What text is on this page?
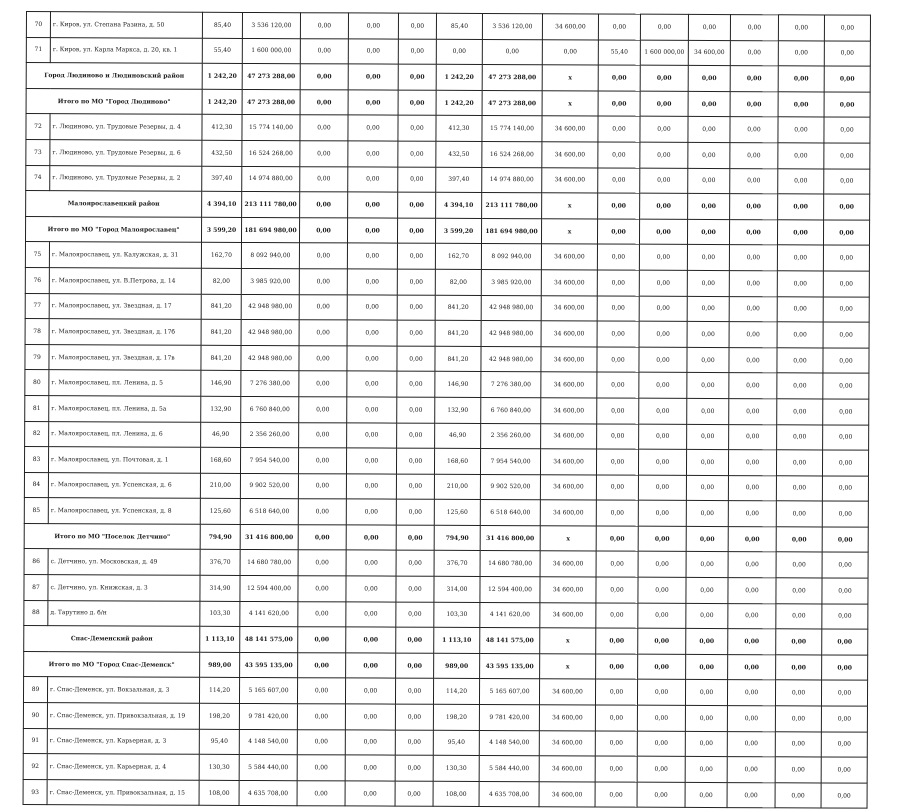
70	г. Киров, ул. Степана Разина, д. 50	85,40	3 536 120,00	0,00	0,00	0,00	85,40	3 536 120,00	34 600,00	0,00	0,00	0,00	0,00	0,00	0,00
71	г. Киров, ул. Карла Маркса, д. 20, кв. 1	55,40	1 600 000,00	0,00	0,00	0,00	0,00	0,00	0,00	55,40	1 600 000,00	34 600,00	0,00	0,00	0,00
Город Людиново и Людиновский район		1 242,20	47 273 288,00	0,00	0,00	0,00	1 242,20	47 273 288,00	x	0,00	0,00	0,00	0,00	0,00	0,00
Итого по МО "Город Людиново"		1 242,20	47 273 288,00	0,00	0,00	0,00	1 242,20	47 273 288,00	x	0,00	0,00	0,00	0,00	0,00	0,00
72	г. Людиново, ул. Трудовые Резервы, д. 4	412,30	15 774 140,00	0,00	0,00	0,00	412,30	15 774 140,00	34 600,00	0,00	0,00	0,00	0,00	0,00	0,00
73	г. Людиново, ул. Трудовые Резервы, д. 6	432,50	16 524 268,00	0,00	0,00	0,00	432,50	16 524 268,00	34 600,00	0,00	0,00	0,00	0,00	0,00	0,00
74	г. Людиново, ул. Трудовые Резервы, д. 2	397,40	14 974 880,00	0,00	0,00	0,00	397,40	14 974 880,00	34 600,00	0,00	0,00	0,00	0,00	0,00	0,00
Малоярославецкий район		4 394,10	213 111 780,00	0,00	0,00	0,00	4 394,10	213 111 780,00	x	0,00	0,00	0,00	0,00	0,00	0,00
Итого по МО "Город Малоярославец"		3 599,20	181 694 980,00	0,00	0,00	0,00	3 599,20	181 694 980,00	x	0,00	0,00	0,00	0,00	0,00	0,00
75	г. Малоярославец, ул. Калужская, д. 31	162,70	8 092 940,00	0,00	0,00	0,00	162,70	8 092 940,00	34 600,00	0,00	0,00	0,00	0,00	0,00	0,00
76	г. Малоярославец, ул. В.Петрова, д. 14	82,00	3 985 920,00	0,00	0,00	0,00	82,00	3 985 920,00	34 600,00	0,00	0,00	0,00	0,00	0,00	0,00
77	г. Малоярославец, ул. Звездная, д. 17	841,20	42 948 980,00	0,00	0,00	0,00	841,20	42 948 980,00	34 600,00	0,00	0,00	0,00	0,00	0,00	0,00
78	г. Малоярославец, ул. Звездная, д. 17б	841,20	42 948 980,00	0,00	0,00	0,00	841,20	42 948 980,00	34 600,00	0,00	0,00	0,00	0,00	0,00	0,00
79	г. Малоярославец, ул. Звездная, д. 17в	841,20	42 948 980,00	0,00	0,00	0,00	841,20	42 948 980,00	34 600,00	0,00	0,00	0,00	0,00	0,00	0,00
80	г. Малоярославец, пл. Ленина, д. 5	146,90	7 276 380,00	0,00	0,00	0,00	146,90	7 276 380,00	34 600,00	0,00	0,00	0,00	0,00	0,00	0,00
81	г. Малоярославец, пл. Ленина, д. 5а	132,90	6 760 840,00	0,00	0,00	0,00	132,90	6 760 840,00	34 600,00	0,00	0,00	0,00	0,00	0,00	0,00
82	г. Малоярославец, пл. Ленина, д. 6	46,90	2 356 260,00	0,00	0,00	0,00	46,90	2 356 260,00	34 600,00	0,00	0,00	0,00	0,00	0,00	0,00
83	г. Малоярославец, ул. Почтовая, д. 1	168,60	7 954 540,00	0,00	0,00	0,00	168,60	7 954 540,00	34 600,00	0,00	0,00	0,00	0,00	0,00	0,00
84	г. Малоярославец, ул. Успенская, д. 6	210,00	9 902 520,00	0,00	0,00	0,00	210,00	9 902 520,00	34 600,00	0,00	0,00	0,00	0,00	0,00	0,00
85	г. Малоярославец, ул. Успенская, д. 8	125,60	6 518 640,00	0,00	0,00	0,00	125,60	6 518 640,00	34 600,00	0,00	0,00	0,00	0,00	0,00	0,00
Итого по МО "Поселок Детчино"		794,90	31 416 800,00	0,00	0,00	0,00	794,90	31 416 800,00	x	0,00	0,00	0,00	0,00	0,00	0,00
86	с. Детчино, ул. Московская, д. 49	376,70	14 680 780,00	0,00	0,00	0,00	376,70	14 680 780,00	34 600,00	0,00	0,00	0,00	0,00	0,00	0,00
87	с. Детчино, ул. Книжская, д. 3	314,90	12 594 400,00	0,00	0,00	0,00	314,00	12 594 400,00	34 600,00	0,00	0,00	0,00	0,00	0,00	0,00
88	д. Тарутино д. б/н	103,30	4 141 620,00	0,00	0,00	0,00	103,30	4 141 620,00	34 600,00	0,00	0,00	0,00	0,00	0,00	0,00
Спас-Деменский район		1 113,10	48 141 575,00	0,00	0,00	0,00	1 113,10	48 141 575,00	x	0,00	0,00	0,00	0,00	0,00	0,00
Итого по МО "Город Спас-Деменск"		989,00	43 595 135,00	0,00	0,00	0,00	989,00	43 595 135,00	x	0,00	0,00	0,00	0,00	0,00	0,00
89	г. Спас-Деменск, ул. Вокзальная, д. 3	114,20	5 165 607,00	0,00	0,00	0,00	114,20	5 165 607,00	34 600,00	0,00	0,00	0,00	0,00	0,00	0,00
90	г. Спас-Деменск, ул. Привокзальная, д. 19	198,20	9 781 420,00	0,00	0,00	0,00	198,20	9 781 420,00	34 600,00	0,00	0,00	0,00	0,00	0,00	0,00
91	г. Спас-Деменск, ул. Карьерная, д. 3	95,40	4 148 540,00	0,00	0,00	0,00	95,40	4 148 540,00	34 600,00	0,00	0,00	0,00	0,00	0,00	0,00
92	г. Спас-Деменск, ул. Карьерная, д. 4	130,30	5 584 440,00	0,00	0,00	0,00	130,30	5 584 440,00	34 600,00	0,00	0,00	0,00	0,00	0,00	0,00
93	г. Спас-Деменск, ул. Привокзальная, д. 15	108,00	4 635 708,00	0,00	0,00	0,00	108,00	4 635 708,00	34 600,00	0,00	0,00	0,00	0,00	0,00	0,00
